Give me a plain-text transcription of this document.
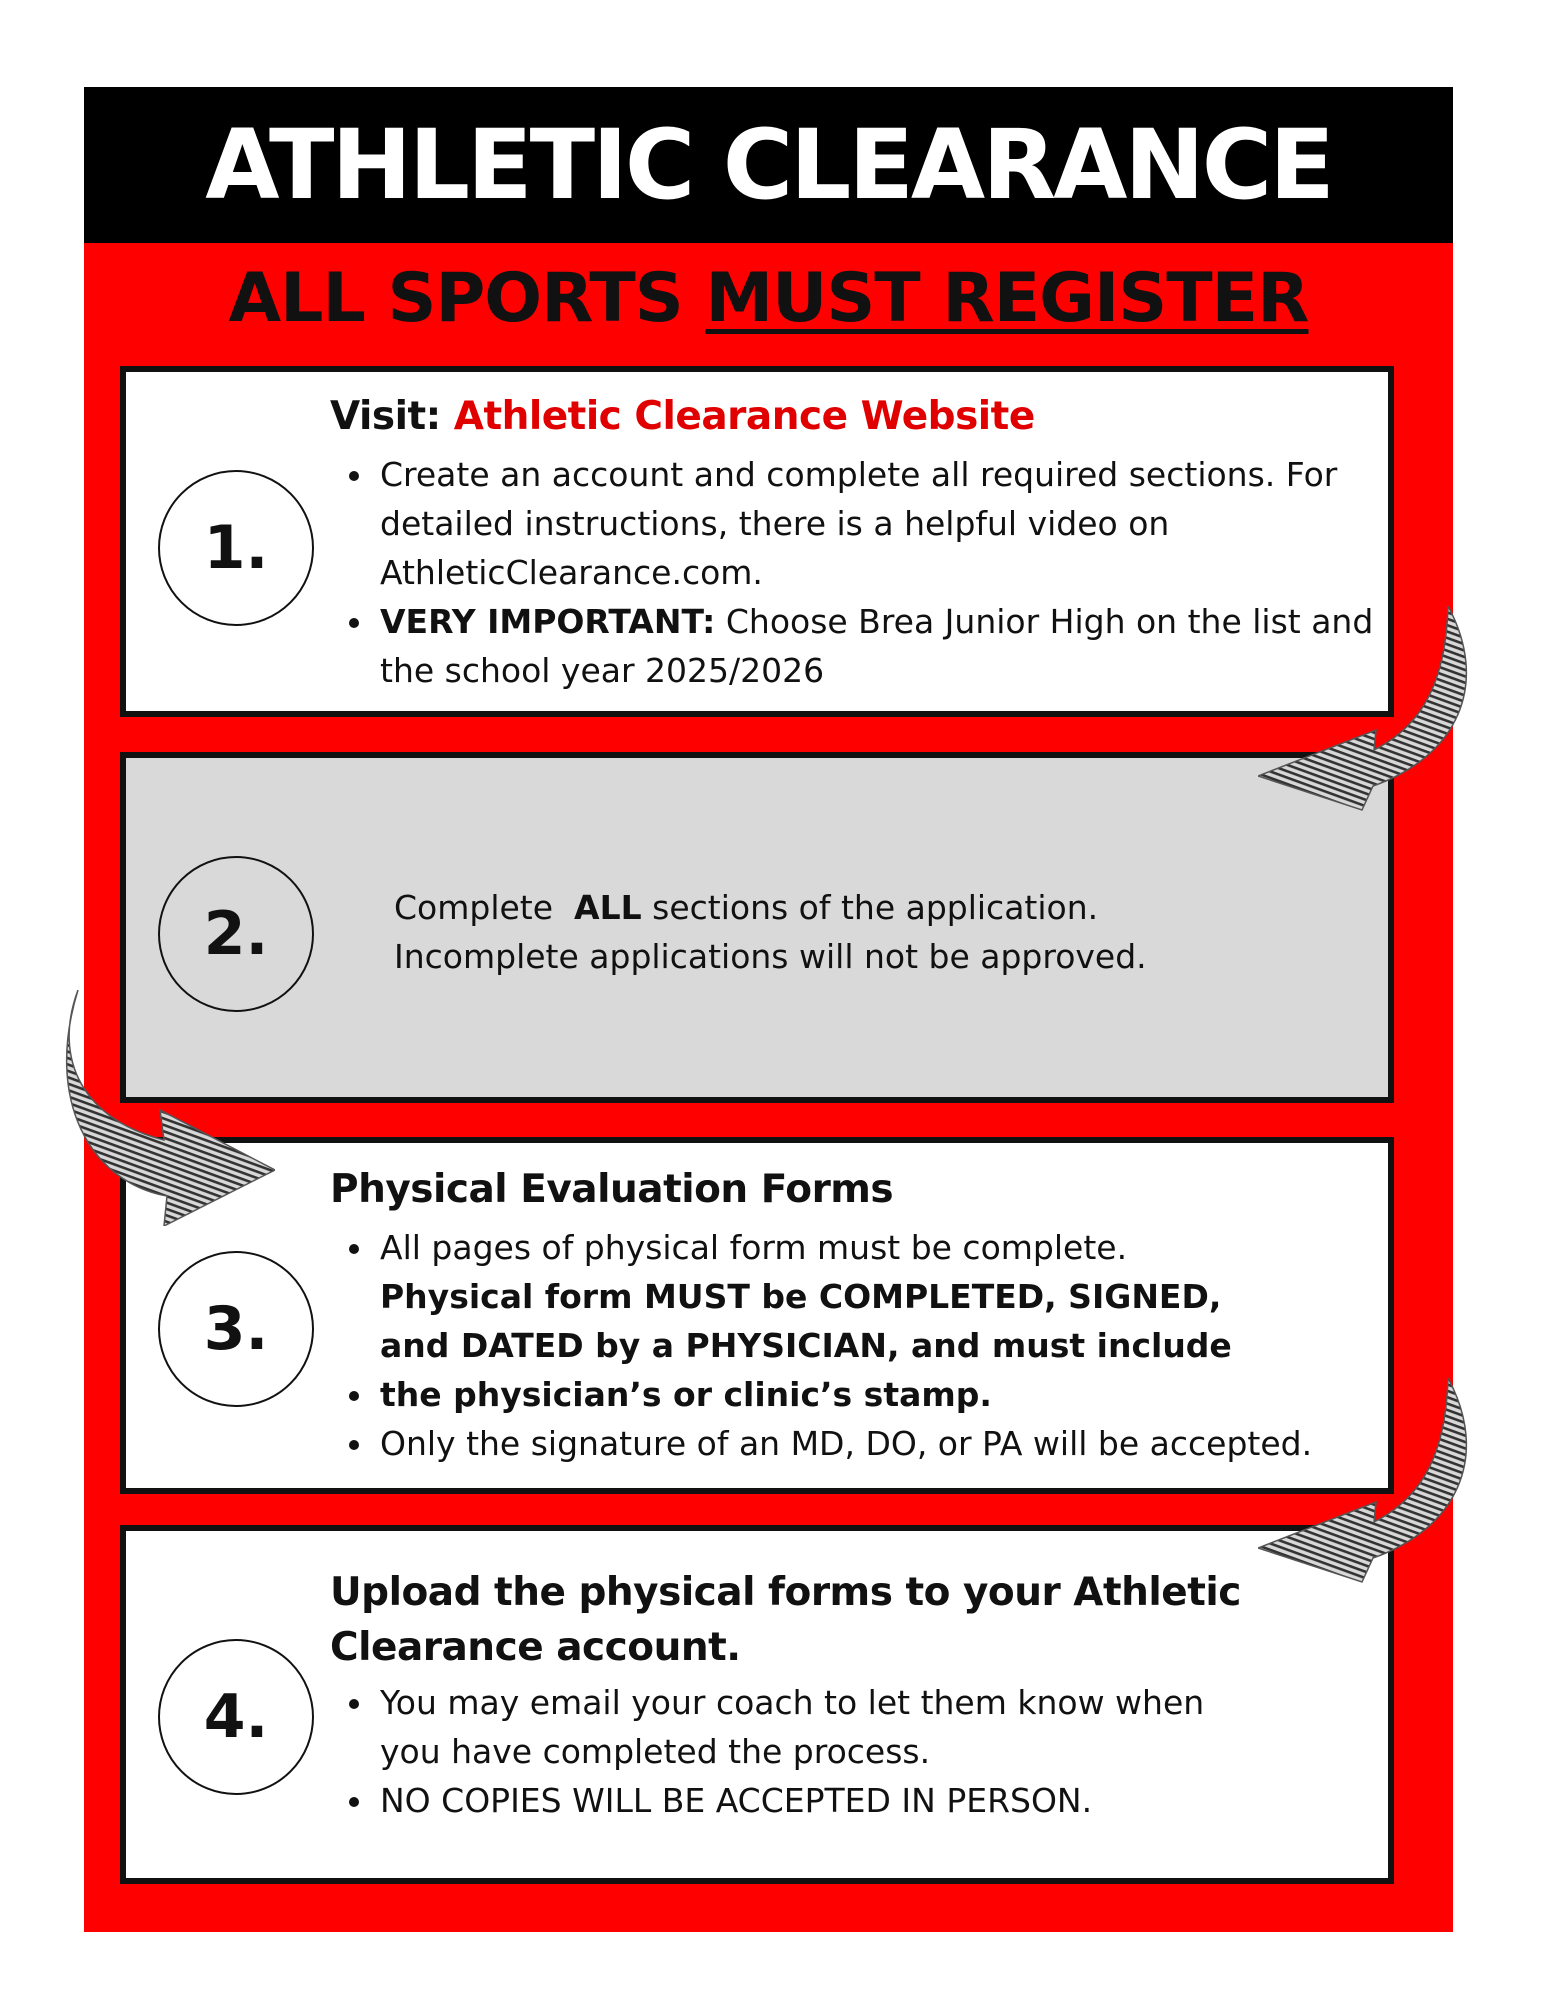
ATHLETIC CLEARANCE
ALL SPORTS MUST REGISTER
1.
Visit: Athletic Clearance Website
• Create an account and complete all required sections. For detailed instructions, there is a helpful video on AthleticClearance.com.
• VERY IMPORTANT: Choose Brea Junior High on the list and the school year 2025/2026
2.	Complete  ALL sections of the application.
Incomplete applications will not be approved.
3.
Physical Evaluation Forms
• All pages of physical form must be complete.
• Physical form MUST be COMPLETED, SIGNED, and DATED by a PHYSICIAN, and must include the physician’s or clinic’s stamp.
• Only the signature of an MD, DO, or PA will be accepted.
4.
Upload the physical forms to your Athletic
Clearance account.
• You may email your coach to let them know when you have completed the process.
• NO COPIES WILL BE ACCEPTED IN PERSON.
